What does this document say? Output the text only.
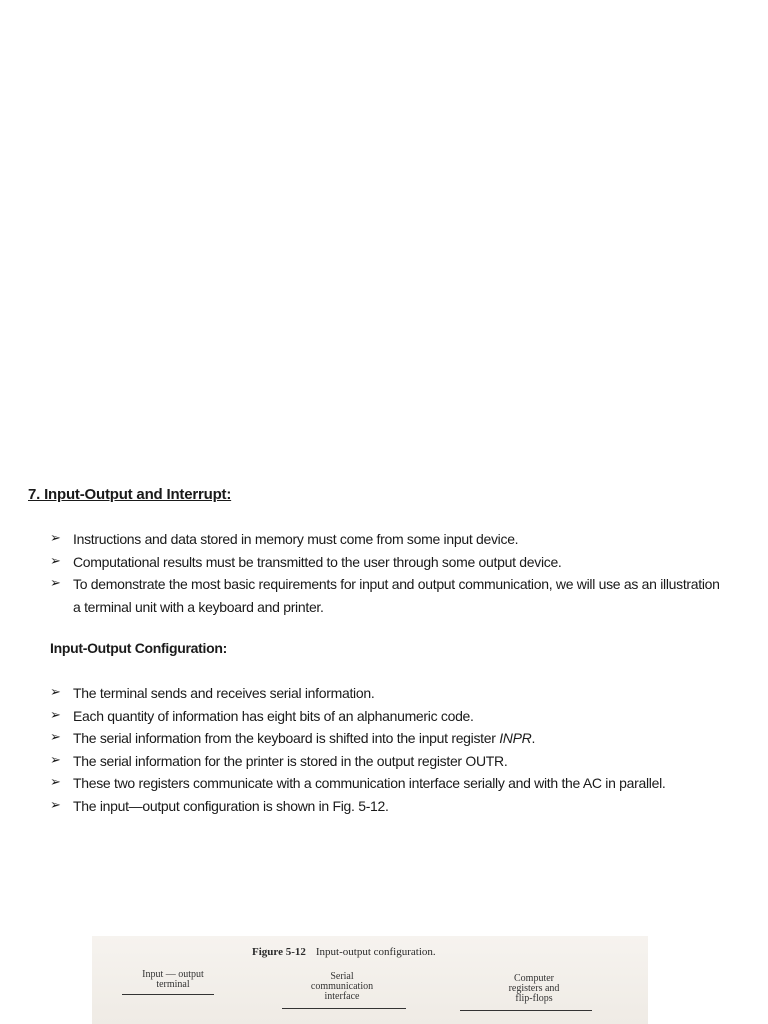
7. Input-Output and Interrupt:
➢ Instructions and data stored in memory must come from some input device.
➢ Computational results must be transmitted to the user through some output device.
➢ To demonstrate the most basic requirements for input and output communication, we will use as an illustration a terminal unit with a keyboard and printer.
Input-Output Configuration:
➢ The terminal sends and receives serial information.
➢ Each quantity of information has eight bits of an alphanumeric code.
➢ The serial information from the keyboard is shifted into the input register INPR.
➢ The serial information for the printer is stored in the output register OUTR.
➢ These two registers communicate with a communication interface serially and with the AC in parallel.
➢ The input—output configuration is shown in Fig. 5-12.
Figure 5-12 Input-output configuration.
Input — output
terminal
Serial
communication
interface
Computer
registers and
flip-flops
